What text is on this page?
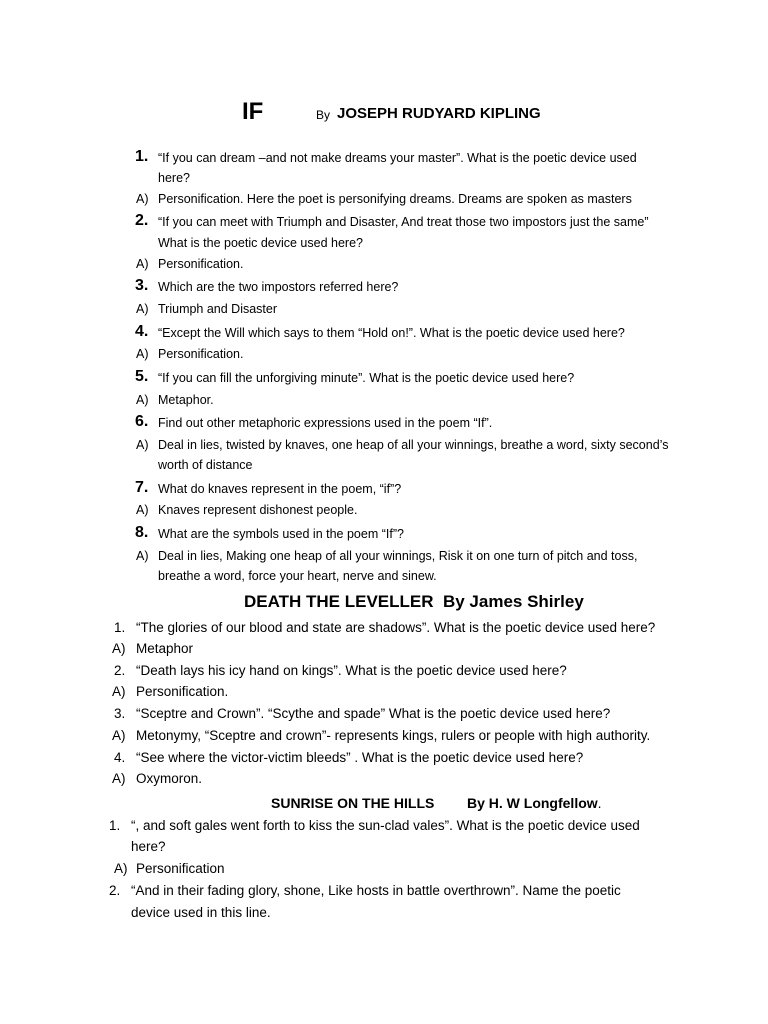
IF	By JOSEPH RUDYARD KIPLING
1. “If you can dream –and not make dreams your master”. What is the poetic device used
here?
A) Personification. Here the poet is personifying dreams. Dreams are spoken as masters
2. “If you can meet with Triumph and Disaster, And treat those two impostors just the same”
What is the poetic device used here?
A) Personification.
3. Which are the two impostors referred here?
A) Triumph and Disaster
4. “Except the Will which says to them “Hold on!”. What is the poetic device used here?
A) Personification.
5. “If you can fill the unforgiving minute”. What is the poetic device used here?
A) Metaphor.
6. Find out other metaphoric expressions used in the poem “If”.
A) Deal in lies, twisted by knaves, one heap of all your winnings, breathe a word, sixty second’s
worth of distance
7. What do knaves represent in the poem, “if”?
A) Knaves represent dishonest people.
8. What are the symbols used in the poem “If”?
A) Deal in lies, Making one heap of all your winnings, Risk it on one turn of pitch and toss,
breathe a word, force your heart, nerve and sinew.
DEATH THE LEVELLER  By James Shirley
1. “The glories of our blood and state are shadows”. What is the poetic device used here?
A) Metaphor
2. “Death lays his icy hand on kings”. What is the poetic device used here?
A) Personification.
3. “Sceptre and Crown”. “Scythe and spade” What is the poetic device used here?
A) Metonymy, “Sceptre and crown”- represents kings, rulers or people with high authority.
4. “See where the victor-victim bleeds” . What is the poetic device used here?
A) Oxymoron.
SUNRISE ON THE HILLS By H. W Longfellow.
1. “, and soft gales went forth to kiss the sun-clad vales”. What is the poetic device used
here?
A) Personification
2. “And in their fading glory, shone, Like hosts in battle overthrown”. Name the poetic
device used in this line.
